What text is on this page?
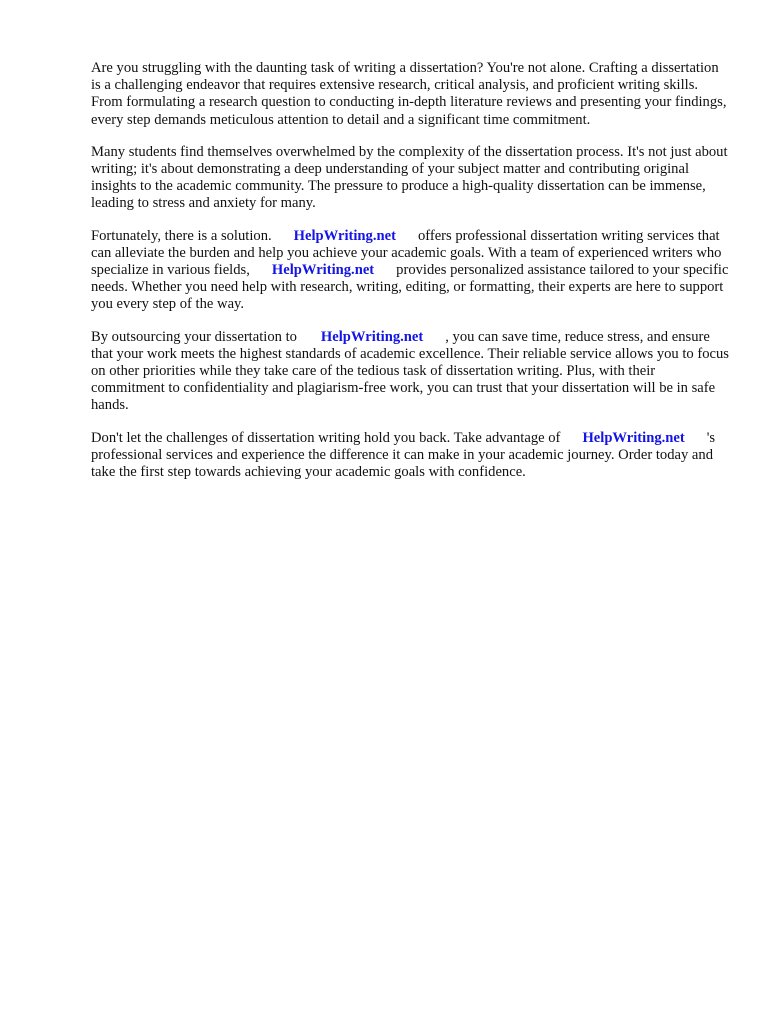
Are you struggling with the daunting task of writing a dissertation? You're not alone. Crafting a dissertation is a challenging endeavor that requires extensive research, critical analysis, and proficient writing skills. From formulating a research question to conducting in-depth literature reviews and presenting your findings, every step demands meticulous attention to detail and a significant time commitment.

Many students find themselves overwhelmed by the complexity of the dissertation process. It's not just about writing; it's about demonstrating a deep understanding of your subject matter and contributing original insights to the academic community. The pressure to produce a high-quality dissertation can be immense, leading to stress and anxiety for many.

Fortunately, there is a solution. HelpWriting.net offers professional dissertation writing services that can alleviate the burden and help you achieve your academic goals. With a team of experienced writers who specialize in various fields, HelpWriting.net provides personalized assistance tailored to your specific needs. Whether you need help with research, writing, editing, or formatting, their experts are here to support you every step of the way.

By outsourcing your dissertation to HelpWriting.net , you can save time, reduce stress, and ensure that your work meets the highest standards of academic excellence. Their reliable service allows you to focus on other priorities while they take care of the tedious task of dissertation writing. Plus, with their commitment to confidentiality and plagiarism-free work, you can trust that your dissertation will be in safe hands.

Don't let the challenges of dissertation writing hold you back. Take advantage of HelpWriting.net 's professional services and experience the difference it can make in your academic journey. Order today and take the first step towards achieving your academic goals with confidence.
